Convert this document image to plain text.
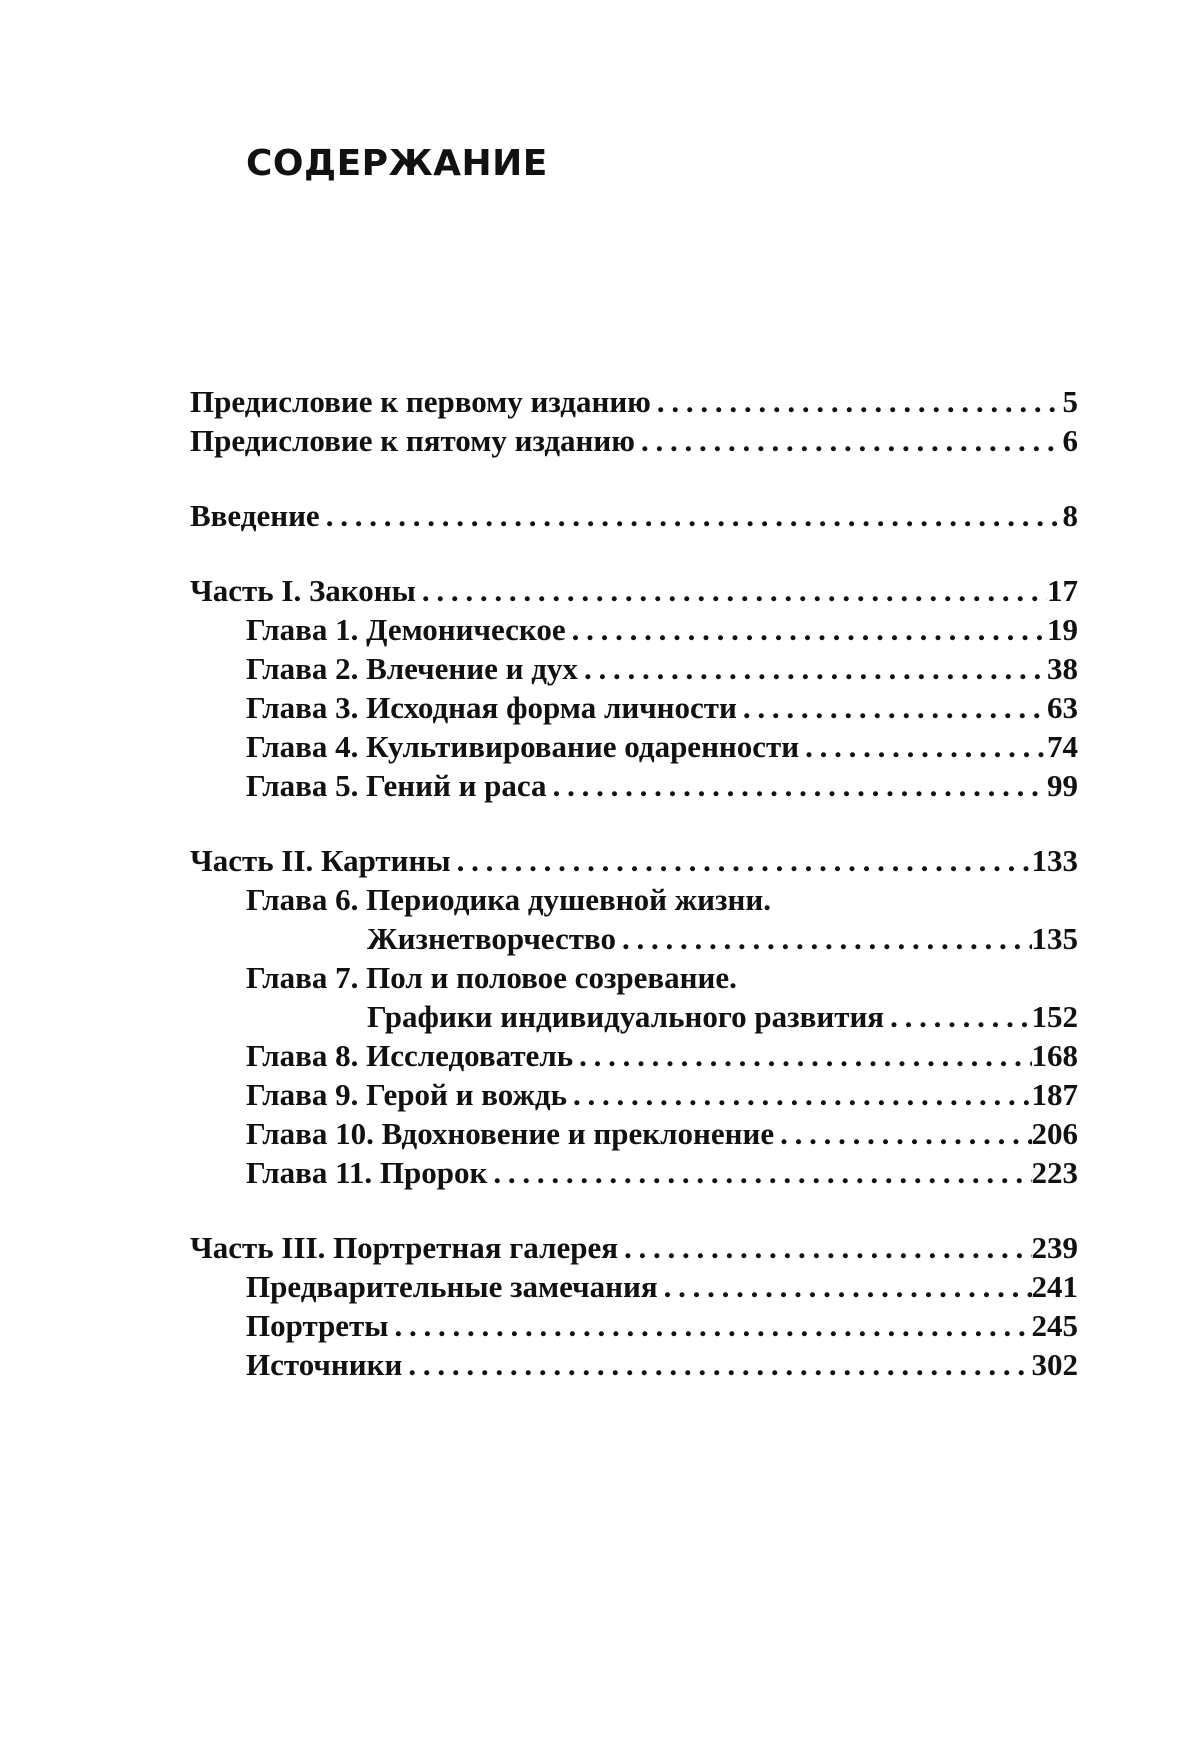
СОДЕРЖАНИЕ
Предисловие к первому изданию . . .	5
Предисловие к пятому изданию . . .	6
Введение . . .	8
Часть I. Законы . . .	17
Глава 1. Демоническое . . .	19
Глава 2. Влечение и дух . . .	38
Глава 3. Исходная форма личности . . .	63
Глава 4. Культивирование одаренности . . .	74
Глава 5. Гений и раса . . .	99
Часть II. Картины . . .	133
Глава 6. Периодика душевной жизни.
Жизнетворчество . . .	135
Глава 7. Пол и половое созревание.
Графики индивидуального развития . . .	152
Глава 8. Исследователь . . .	168
Глава 9. Герой и вождь . . .	187
Глава 10. Вдохновение и преклонение . . .	206
Глава 11. Пророк . . .	223
Часть III. Портретная галерея . . .	239
Предварительные замечания . . .	241
Портреты . . .	245
Источники . . .	302
